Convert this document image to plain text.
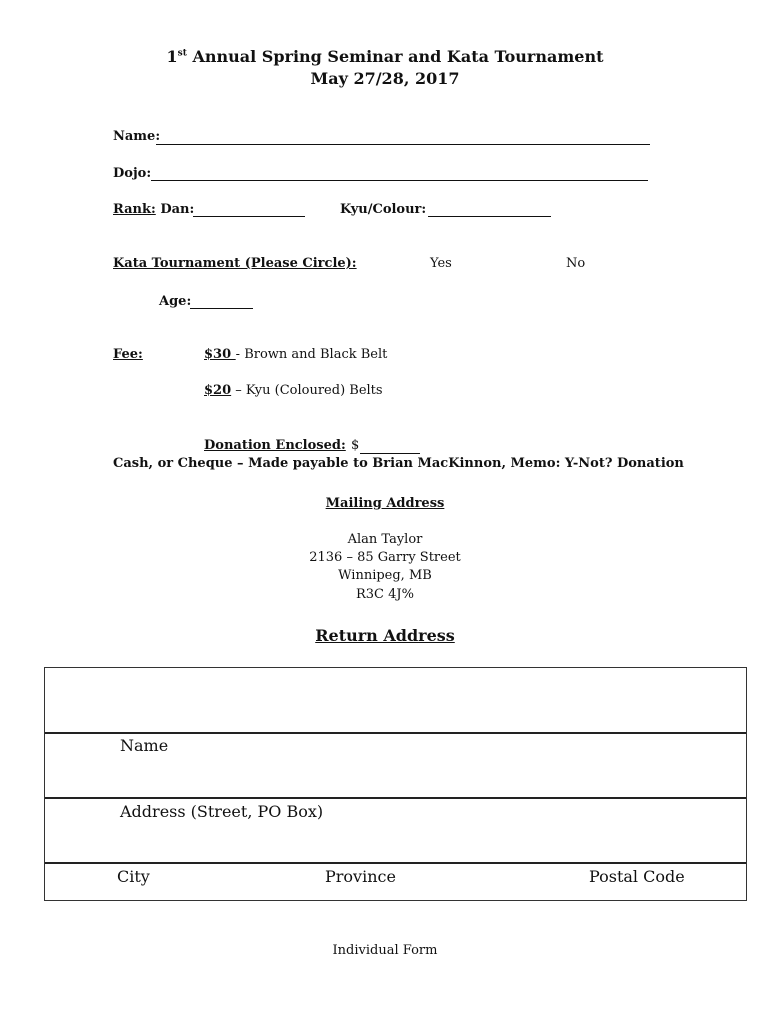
1st Annual Spring Seminar and Kata Tournament
May 27/28, 2017
Name:
Dojo:
Rank: Dan:	Kyu/Colour:
Kata Tournament (Please Circle):	Yes	No
Age:
Fee:	$30 - Brown and Black Belt
$20 – Kyu (Coloured) Belts
Donation Enclosed: $
Cash, or Cheque – Made payable to Brian MacKinnon, Memo: Y-Not? Donation
Mailing Address
Alan Taylor
2136 – 85 Garry Street
Winnipeg, MB
R3C 4J%
Return Address
Name
Address (Street, PO Box)
City	Province	Postal Code
Individual Form
